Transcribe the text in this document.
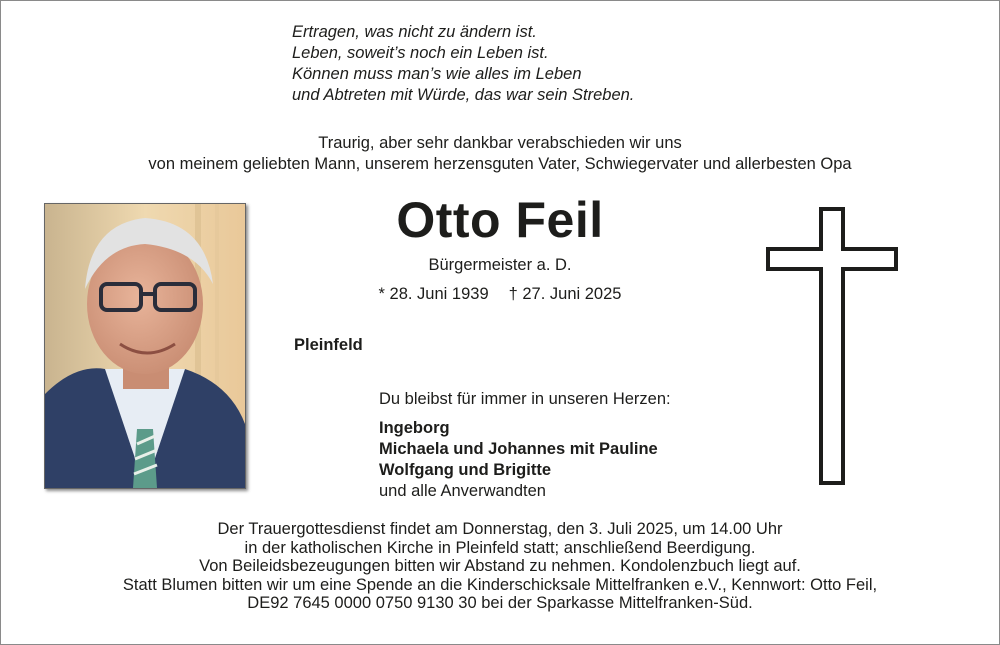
Ertragen, was nicht zu ändern ist.
Leben, soweit’s noch ein Leben ist.
Können muss man’s wie alles im Leben
und Abtreten mit Würde, das war sein Streben.
Traurig, aber sehr dankbar verabschieden wir uns
von meinem geliebten Mann, unserem herzensguten Vater, Schwiegervater und allerbesten Opa
Otto Feil
Bürgermeister a. D.
* 28. Juni 1939 † 27. Juni 2025
Pleinfeld
Du bleibst für immer in unseren Herzen:
Ingeborg
Michaela und Johannes mit Pauline
Wolfgang und Brigitte
und alle Anverwandten
Der Trauergottesdienst findet am Donnerstag, den 3. Juli 2025, um 14.00 Uhr
in der katholischen Kirche in Pleinfeld statt; anschließend Beerdigung.
Von Beileidsbezeugungen bitten wir Abstand zu nehmen. Kondolenzbuch liegt auf.
Statt Blumen bitten wir um eine Spende an die Kinderschicksale Mittelfranken e.V., Kennwort: Otto Feil,
DE92 7645 0000 0750 9130 30 bei der Sparkasse Mittelfranken-Süd.
